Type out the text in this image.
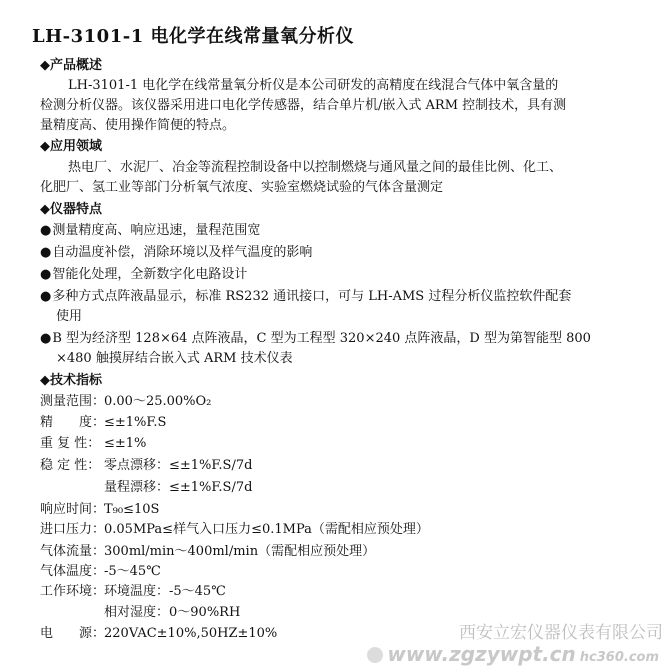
LH-3101-1 电化学在线常量氧分析仪
◆产品概述
LH-3101-1 电化学在线常量氧分析仪是本公司研发的高精度在线混合气体中氧含量的
检测分析仪器。该仪器采用进口电化学传感器，结合单片机/嵌入式 ARM 控制技术，具有测
量精度高、使用操作简便的特点。
◆应用领域
热电厂、水泥厂、冶金等流程控制设备中以控制燃烧与通风量之间的最佳比例、化工、
化肥厂、氢工业等部门分析氧气浓度、实验室燃烧试验的气体含量测定
◆仪器特点
●测量精度高、响应迅速，量程范围宽
●自动温度补偿，消除环境以及样气温度的影响
●智能化处理，全新数字化电路设计
●多种方式点阵液晶显示，标准 RS232 通讯接口，可与 LH-AMS 过程分析仪监控软件配套
使用
●B 型为经济型 128×64 点阵液晶，C 型为工程型 320×240 点阵液晶，D 型为第智能型 800
×480 触摸屏结合嵌入式 ARM 技术仪表
◆技术指标
测量范围：0.00～25.00%O₂
精　　度：≤±1%F.S
重 复 性： ≤±1%
稳 定 性： 零点漂移：≤±1%F.S/7d
量程漂移：≤±1%F.S/7d
响应时间：T₉₀≤10S
进口压力：0.05MPa≤样气入口压力≤0.1MPa（需配相应预处理）
气体流量：300ml/min～400ml/min（需配相应预处理）
气体温度：-5～45℃
工作环境：环境温度：-5～45℃
相对湿度：0～90%RH
电　　源：220VAC±10%,50HZ±10%	西安立宏仪器仪表有限公司
www.zgzywpt.cn hc360.com
